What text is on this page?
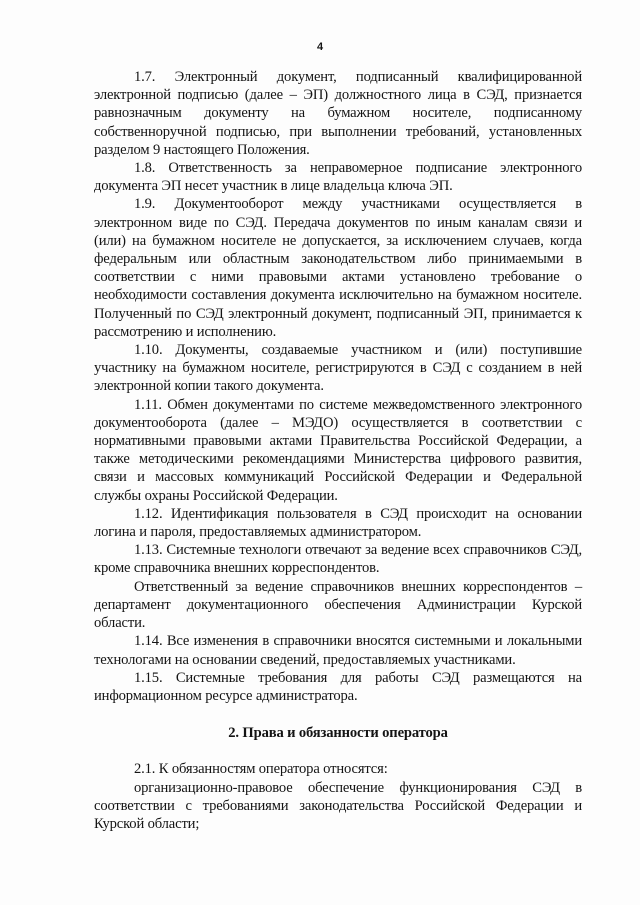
4

1.7. Электронный документ, подписанный квалифицированной электронной подписью (далее – ЭП) должностного лица в СЭД, признается равнозначным документу на бумажном носителе, подписанному собственноручной подписью, при выполнении требований, установленных разделом 9 настоящего Положения.

1.8. Ответственность за неправомерное подписание электронного документа ЭП несет участник в лице владельца ключа ЭП.

1.9. Документооборот между участниками осуществляется в электронном виде по СЭД. Передача документов по иным каналам связи и (или) на бумажном носителе не допускается, за исключением случаев, когда федеральным или областным законодательством либо принимаемыми в соответствии с ними правовыми актами установлено требование о необходимости составления документа исключительно на бумажном носителе. Полученный по СЭД электронный документ, подписанный ЭП, принимается к рассмотрению и исполнению.

1.10. Документы, создаваемые участником и (или) поступившие участнику на бумажном носителе, регистрируются в СЭД с созданием в ней электронной копии такого документа.

1.11. Обмен документами по системе межведомственного электронного документооборота (далее – МЭДО) осуществляется в соответствии с нормативными правовыми актами Правительства Российской Федерации, а также методическими рекомендациями Министерства цифрового развития, связи и массовых коммуникаций Российской Федерации и Федеральной службы охраны Российской Федерации.

1.12. Идентификация пользователя в СЭД происходит на основании логина и пароля, предоставляемых администратором.

1.13. Системные технологи отвечают за ведение всех справочников СЭД, кроме справочника внешних корреспондентов.

Ответственный за ведение справочников внешних корреспондентов – департамент документационного обеспечения Администрации Курской области.

1.14. Все изменения в справочники вносятся системными и локальными технологами на основании сведений, предоставляемых участниками.

1.15. Системные требования для работы СЭД размещаются на информационном ресурсе администратора.

2. Права и обязанности оператора

2.1. К обязанностям оператора относятся:

организационно-правовое обеспечение функционирования СЭД в соответствии с требованиями законодательства Российской Федерации и Курской области;
